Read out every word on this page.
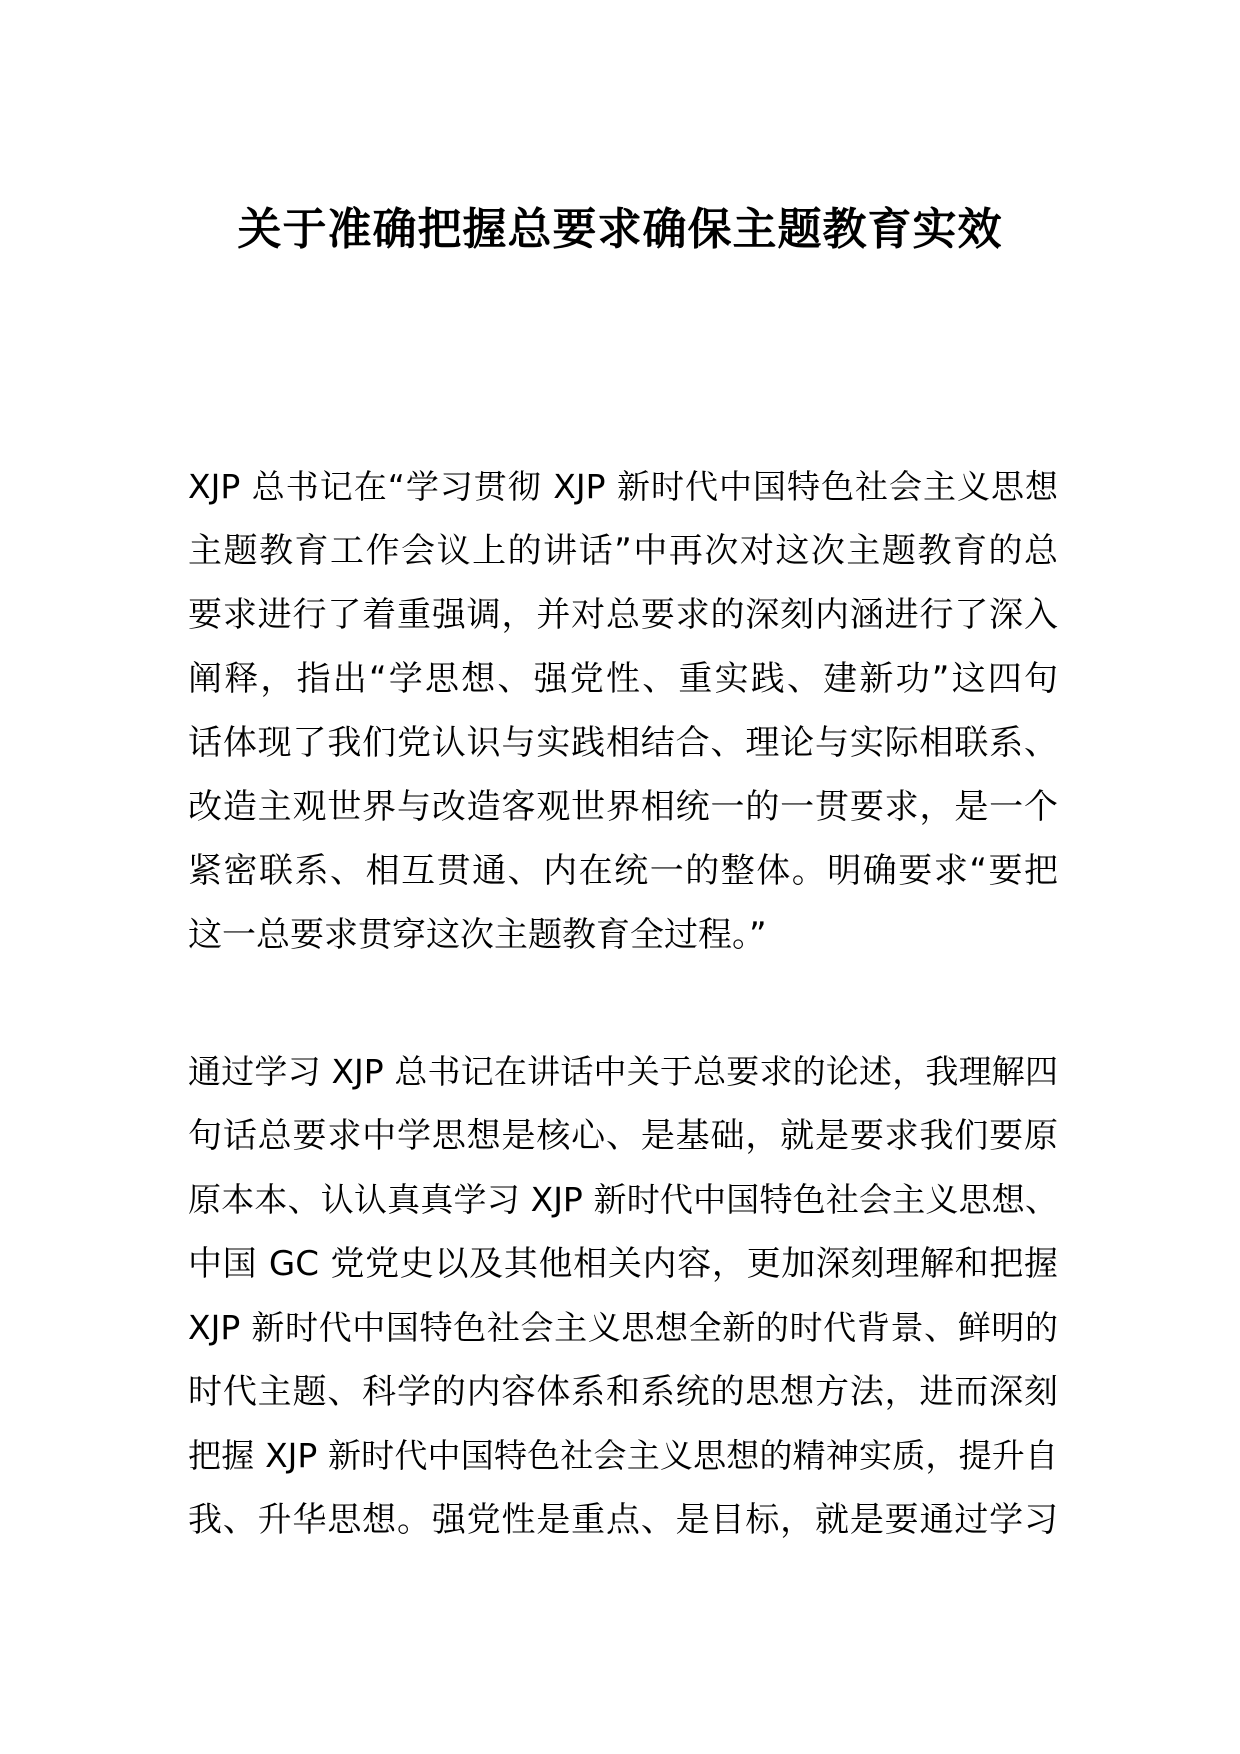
关于准确把握总要求确保主题教育实效
XJP 总书记在“学习贯彻 XJP 新时代中国特色社会主义思想
主题教育工作会议上的讲话”中再次对这次主题教育的总
要求进行了着重强调，并对总要求的深刻内涵进行了深入
阐释，指出“学思想、强党性、重实践、建新功”这四句
话体现了我们党认识与实践相结合、理论与实际相联系、
改造主观世界与改造客观世界相统一的一贯要求，是一个
紧密联系、相互贯通、内在统一的整体。明确要求“要把
这一总要求贯穿这次主题教育全过程。”
通过学习 XJP 总书记在讲话中关于总要求的论述，我理解四
句话总要求中学思想是核心、是基础，就是要求我们要原
原本本、认认真真学习 XJP 新时代中国特色社会主义思想、
中国 GC 党党史以及其他相关内容，更加深刻理解和把握
XJP 新时代中国特色社会主义思想全新的时代背景、鲜明的
时代主题、科学的内容体系和系统的思想方法，进而深刻
把握 XJP 新时代中国特色社会主义思想的精神实质，提升自
我、升华思想。强党性是重点、是目标，就是要通过学习
